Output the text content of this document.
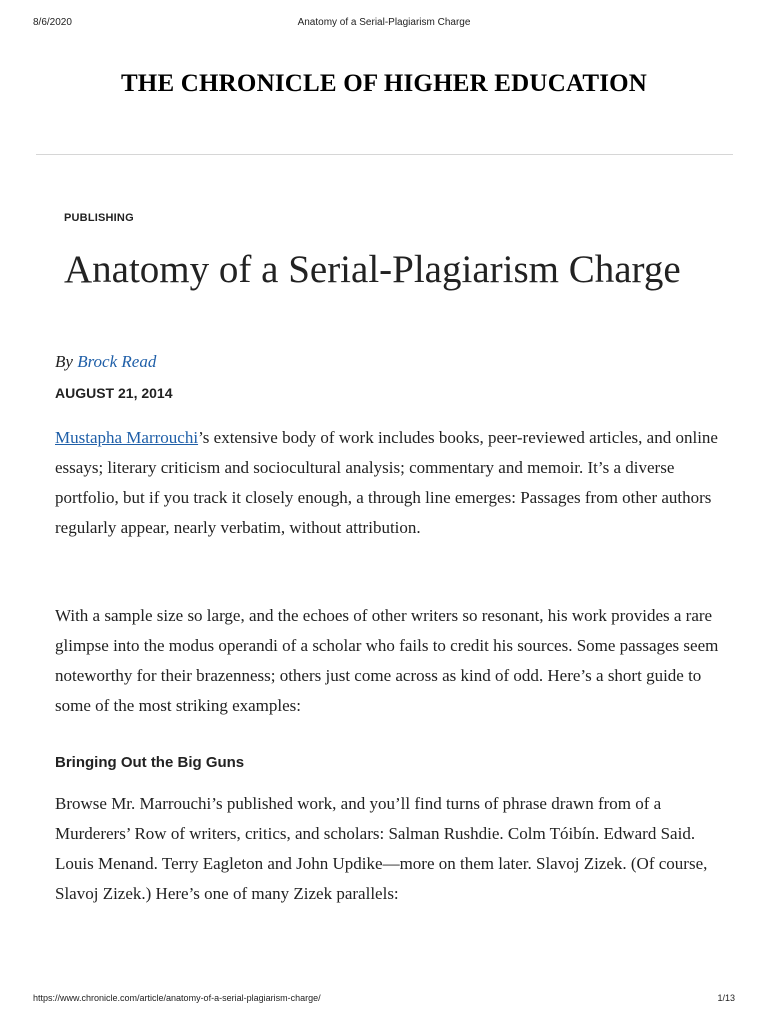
8/6/2020	Anatomy of a Serial-Plagiarism Charge
THE CHRONICLE OF HIGHER EDUCATION
PUBLISHING
Anatomy of a Serial-Plagiarism Charge
By Brock Read
AUGUST 21, 2014

Mustapha Marrouchi’s extensive body of work includes books, peer-reviewed articles, and online essays; literary criticism and sociocultural analysis; commentary and memoir. It’s a diverse portfolio, but if you track it closely enough, a through line emerges: Passages from other authors regularly appear, nearly verbatim, without attribution.

With a sample size so large, and the echoes of other writers so resonant, his work provides a rare glimpse into the modus operandi of a scholar who fails to credit his sources. Some passages seem noteworthy for their brazenness; others just come across as kind of odd. Here’s a short guide to some of the most striking examples:

Bringing Out the Big Guns

Browse Mr. Marrouchi’s published work, and you’ll find turns of phrase drawn from of a Murderers’ Row of writers, critics, and scholars: Salman Rushdie. Colm Tóibín. Edward Said. Louis Menand. Terry Eagleton and John Updike—more on them later. Slavoj Zizek. (Of course, Slavoj Zizek.) Here’s one of many Zizek parallels:

https://www.chronicle.com/article/anatomy-of-a-serial-plagiarism-charge/	1/13
